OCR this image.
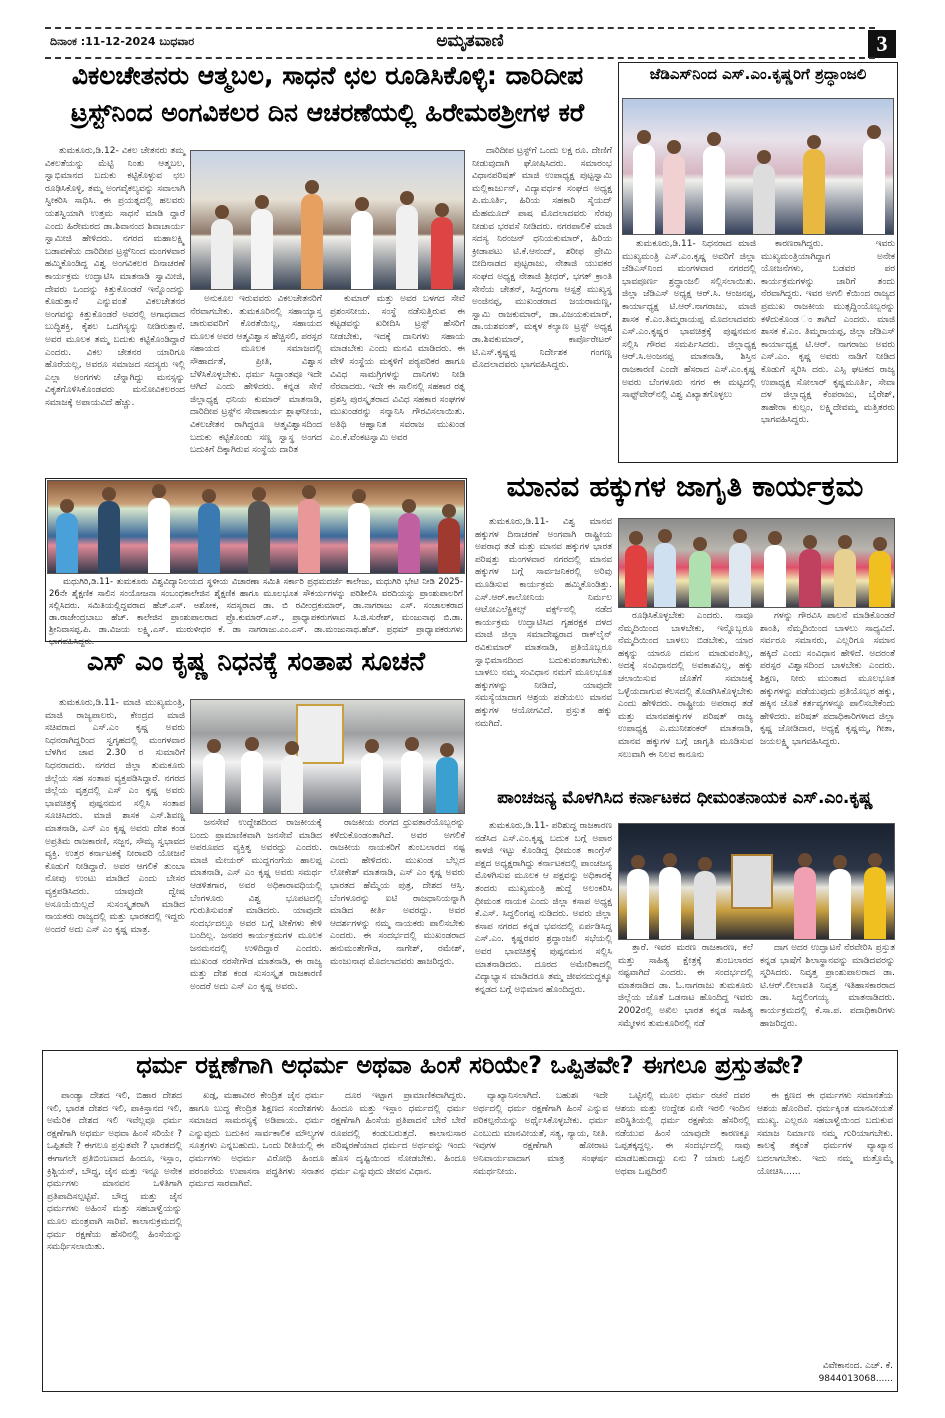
ದಿನಾಂಕ :11-12-2024 ಬುಧವಾರ	ಅಮೃತವಾಣಿ	3
ವಿಕಲಚೇತನರು ಆತ್ಮಬಲ, ಸಾಧನೆ ಛಲ ರೂಡಿಸಿಕೊಳ್ಳಿ: ದಾರಿದೀಪ
ಟ್ರಸ್ಟ್‌ನಿಂದ ಅಂಗವಿಕಲರ ದಿನ ಆಚರಣೆಯಲ್ಲಿ ಹಿರೇಮಠಶ್ರೀಗಳ ಕರೆ
ತುಮಕೂರು,ಡಿ.12- ವಿಕಲ ಚೇತನರು ತಮ್ಮ ವಿಕಲತೆಯನ್ನು ಮೆಟ್ಟಿ ನಿಂತು ಆತ್ಮಬಲ, ಸ್ವಾಭಿಮಾನದ ಬದುಕು ಕಟ್ಟಿಕೊಳ್ಳುವ ಛಲ ರೂಢಿಸಿಕೊಳ್ಳಿ, ತಮ್ಮ ಅಂಗವೈಕಲ್ಯವನ್ನು ಸವಾಲಾಗಿ ಸ್ವೀಕರಿಸಿ ಸಾಧಿಸಿ. ಈ ಪ್ರಯತ್ನದಲ್ಲಿ ಹಲವರು ಯಶಸ್ವಿಯಾಗಿ ಉತ್ತಮ ಸಾಧನೆ ಮಾಡಿ ದ್ದಾರೆ ಎಂದು ಹಿರೇಮಠದ ಡಾ.ಶಿವಾನಂದ ಶಿವಾಚಾರ್ಯ ಸ್ವಾಮೀಜಿ ಹೇಳಿದರು. ನಗರದ ಮಹಾಲಕ್ಷ್ಮಿ ಬಡಾವಣೆಯ ದಾರಿದೀಪ ಟ್ರಸ್ಟ್‌ನಿಂದ ಮಂಗಳವಾರ ಹಮ್ಮಿಕೊಂಡಿದ್ದ ವಿಶ್ವ ಅಂಗವಿಕಲರ ದಿನಾಚರಣೆ ಕಾರ್ಯಕ್ರಮ ಉದ್ಘಾಟಿಸಿ ಮಾತನಾಡಿ ಸ್ವಾಮೀಜಿ, ದೇವರು ಒಂದನ್ನು ಕಿತ್ತುಕೊಂಡರೆ ಇನ್ನೊಂದನ್ನು ಕೊಡುತ್ತಾನೆ ಎನ್ನುವಂತೆ ವಿಕಲಚೇತನರ ಅಂಗವನ್ನು ಕಿತ್ತುಕೊಂಡರೆ ಅವರಲ್ಲಿ ಅಗಾಧವಾದ ಬುದ್ಧಿಶಕ್ತಿ, ಕೈಶಲ ಒದಗಿಸ್ಯನ್ನು ನೀಡಿರುತ್ತಾನೆ. ಅವರ ಮೂಲಕ ತಮ್ಮ ಬದುಕು ಕಟ್ಟಿಕೊಂಡಿದ್ದಾರೆ ಎಂದರು. ವಿಕಲ ಚೇತನರ ಯಾರಿಗೂ ಹೊರೆಯಲ್ಲ, ಅವರೂ ಸಮಾಜದ ಸದಸ್ಯರು ಇಲ್ಲಿ ಎಲ್ಲಾ ಅಂಗಗಳು ಚೆನ್ನಾಗಿದ್ದು ಮನಸ್ಸನ್ನು ವಿಕೃತಗೊಳಿಸಿಕೊಂಡವರು ಮನೋವಿಕಲರಂದ ಸಮಾಜಕ್ಕೆ ಅಪಾಯವಿದೆ ಹೆಚ್ಚು.
ಅನುಕೂಲ ಇರುವವರು ವಿಕಲಚೇತನರಿಗೆ ನೆರವಾಗಬೇಕು. ತುಮಕೂರಿನಲ್ಲಿ ಸಹಾಯ್ಯಾಸ್ತ ಚಾರುವವರಿಗೆ ಕೊರತೆಯಿಲ್ಲ, ಸಹಾಯದ ಮೂಲಕ ಅವರ ಆತ್ಮವಿಶ್ವಾಸ ಹೆಚ್ಚಿಸಲಿ, ಪರಸ್ಪರ ಸಹಾಯದ ಮೂಲಕ ಸಮಾಜದಲ್ಲಿ ಸೌಹಾರ್ದತೆ, ಪ್ರೀತಿ, ವಿಶ್ವಾಸ ಬೆಳೆಸಿಕೊಳ್ಳಬೇಕು. ಧರ್ಮ ಸಿದ್ಧಾಂತವೂ ಇದೇ ಆಗಿದೆ ಎಂದು ಹೇಳಿದರು. ಕನ್ನಡ ಸೇನೆ ಜಿಲ್ಲಾಧ್ಯಕ್ಷ ಧನಿಯ ಕುಮಾರ್ ಮಾತನಾಡಿ, ದಾರಿದೀಪ ಟ್ರಸ್ಟ್‌ನ ಸೇವಾಕಾರ್ಯ ಶ್ಲಾಘನೀಯ, ವಿಕಲಚೇತನ ರಾಗಿದ್ದರೂ ಆತ್ಮವಿಶ್ವಾಸದಿಂದ ಬದುಕು ಕಟ್ಟಿಕೊಂಡು ಸಣ್ಣ ಸ್ವಾಸ್ಥ ಅಂಗದ ಬದುಕಿಗೆ ದಿಕ್ಕಾಗಿರುವ ಸಂಸ್ಥೆಯ ದಾರಿತ
ಕುಮಾರ್ ಮತ್ತು ಅವರ ಬಳಗದ ಸೇವೆ ಪ್ರಶಂಸನೀಯ. ಸಂಸ್ಥೆ ನಡೆಸುತ್ತಿರುವ ಈ ಕಟ್ಟಡವನ್ನು ಖರೀದಿಸಿ ಟ್ರಸ್ಟ್ ಹೆಸರಿಗೆ ನೀಡಬೇಕು, ಇದಕ್ಕೆ ದಾನಿಗಳು ಸಹಾಯ ಮಾಡಬೇಕು ಎಂದು ಮನವಿ ಮಾಡಿದರು. ಈ ವೇಳೆ ಸಂಸ್ಥೆಯ ಮಕ್ಕಳಿಗೆ ಪಠ್ಯಪರಿಕರ ಹಾಗೂ ವಿವಿಧ ಸಾಮಗ್ರಿಗಳನ್ನು ದಾನಿಗಳು ನೀಡಿ ನೆರವಾದರು. ಇದೇ ಈ ಸಾಲಿನಲ್ಲಿ ಸಹಕಾರ ರತ್ನ ಪ್ರಶಸ್ತಿ ಪುರಸ್ಕೃತರಾದ ವಿವಿಧ ಸಹಕಾರ ಸಂಘಗಳ ಮುಖಂಡರನ್ನು ಸನ್ಮಾನಿಸಿ ಗೌರವಿಸಲಾಯಿತು. ಅತಿಥಿ ಆಹ್ವಾನಿತ ಸವರಾಜ ಮುಖಂಡ ಎಂ.ಕೆ.ವೆಂಕಟಸ್ವಾಮಿ ಅವರ
ದಾರಿದೀಪ ಟ್ರಸ್ಟ್‌ಗೆ ಒಂದು ಲಕ್ಷ ರೂ. ದೇಣಿಗೆ ನೀಡುವುದಾಗಿ ಘೋಷಿಸಿದರು. ಸಮಾರಂಭ ವಿಧಾನಪರಿಷತ್ ಮಾಜಿ ಉಪಾಧ್ಯಕ್ಷ ಪುಟ್ಟಸ್ವಾಮಿ ಮಲ್ಲಿಕಾರ್ಜುನ್, ವಿದ್ಯಾವರ್ಧಕ ಸಂಘದ ಅಧ್ಯಕ್ಷ ಪಿ.ಮೂರ್ತಿ, ಹಿರಿಯ ಸಹಕಾರಿ ಸೈಯದ್ ಮೆಹಮೂದ್ ಪಾಷ ಮೊದಲಾದವರು ನೆರವು ನೀಡುವ ಭರವಸೆ ನೀಡಿದರು. ನಗರಪಾಲಿಕೆ ಮಾಜಿ ಸದಸ್ಯ ನಿರಂಜನ್ ಧನಿಯಕುಮಾರ್, ಹಿರಿಯ ಕ್ರೀಡಾಪಟು ಟಿ.ಕೆ.ಆನಂದ್, ಶರೀಫ ಪ್ರೇಮಿ ಬೀದಿನಾಡದ ಪುಟ್ಟರಾಜು, ನೇತಾಜಿ ಯುವಕರ ಸಂಘದ ಅಧ್ಯಕ್ಷ ನೇತಾಜಿ ಶ್ರೀಧರ್, ಭಗತ್ ಕ್ರಾಂತಿ ಸೇನೆಯ ಚೇತನ್, ಸಿದ್ದಗಂಗಾ ಆಸ್ಪತ್ರೆ ಮುಖ್ಯಸ್ಥ ಅಂಜಿನಪ್ಪ, ಮುಖಂಡರಾದ ಜಯರಾಮಣ್ಣ, ಸ್ವಾಮಿ ರಾಜಕುಮಾರ್, ಡಾ.ವಿಜಯಕುಮಾರ್, ಡಾ.ಯಶವಂತ್, ಮಕ್ಕಳ ಕಲ್ಯಾಣ ಟ್ರಸ್ಟ್ ಅಧ್ಯಕ್ಷ ಡಾ.ಶಿವಕುಮಾರ್, ಕಾರ್ಪೊರೇಟರ್ ಟಿ.ಎಸ್.ಕೃಷ್ಣಪ್ಪ ನಿರ್ದೇಶಕ ಗಂಗಣ್ಣ ಮೊದಲಾದವರು ಭಾಗವಹಿಸಿದ್ದರು.
ಜೆಡಿಎಸ್‌ನಿಂದ ಎಸ್.ಎಂ.ಕೃಷ್ಣರಿಗೆ ಶ್ರದ್ಧಾಂಜಲಿ
ತುಮಕೂರು,ಡಿ.11- ನಿಧನರಾದ ಮಾಜಿ ಮುಖ್ಯಮಂತ್ರಿ ಎಸ್.ಎಂ.ಕೃಷ್ಣ ಅವರಿಗೆ ಜಿಲ್ಲಾ ಜೆಡಿಎಸ್‌ನಿಂದ ಮಂಗಳವಾರ ನಗರದಲ್ಲಿ ಭಾವಪೂರ್ಣ ಶ್ರದ್ಧಾಂಜಲಿ ಸಲ್ಲಿಸಲಾಯಿತು. ಜಿಲ್ಲಾ ಜೆಡಿಎಸ್ ಅಧ್ಯಕ್ಷ ಆರ್.ಸಿ. ಆಂಜನಪ್ಪ, ಕಾರ್ಯಾಧ್ಯಕ್ಷ ಟಿ.ಆರ್.ನಾಗರಾಜು, ಮಾಜಿ ಶಾಸಕ ಕೆ.ಎಂ.ತಿಮ್ಮರಾಯಪ್ಪ ಮೊದಲಾದವರು ಎಸ್.ಎಂ.ಕೃಷ್ಣರ ಭಾವಚಿತ್ರಕ್ಕೆ ಪುಷ್ಪನಮನ ಸಲ್ಲಿಸಿ ಗೌರವ ಸಮರ್ಪಿಸಿದರು. ಜಿಲ್ಲಾಧ್ಯಕ್ಷ ಆರ್.ಸಿ.ಅಂಜನಪ್ಪ ಮಾತನಾಡಿ, ಶಿಸ್ತಿನ ರಾಜಕಾರಣಿ ಎಂದೇ ಹೆಸರಾದ ಎಸ್.ಎಂ.ಕೃಷ್ಣ ಅವರು ಬೆಂಗಳೂರು ನಗರ ಈ ಮಟ್ಟದಲ್ಲಿ ಸಾಫ್ಟ್‌ವೇರ್‌ನಲ್ಲಿ ವಿಶ್ವ ವಿಖ್ಯಾತಗೊಳ್ಳಲು
ಕಾರಣರಾಗಿದ್ದರು. ಇವರು ಮುಖ್ಯಮಂತ್ರಿಯಾಗಿದ್ದಾಗ ಅನೇಕ ಯೋಜನೆಗಳು, ಬಡವರ ಪರ ಕಾರ್ಯಕ್ರಮಗಳನ್ನು ಜಾರಿಗೆ ತಂದು ನೆರವಾಗಿದ್ದರು. ಇವರ ಅಗಲಿ ಕೆಯಿಂದ ರಾಜ್ಯದ ಪ್ರಮುಖ ರಾಜಕೀಯ ಮುತ್ಸದ್ದಿಂಯೊಬ್ಬರನ್ನು ಕಳೆದುಕೊಂಡ ಂತಾಗಿದೆ ಎಂದರು. ಮಾಜಿ ಶಾಸಕ ಕೆ.ಎಂ. ತಿಮ್ಮರಾಯಪ್ಪ, ಜಿಲ್ಲಾ ಜೆಡಿಎಸ್ ಕಾರ್ಯಾಧ್ಯಕ್ಷ ಟಿ.ಆರ್. ನಾಗರಾಜು ಅವರು ಎಸ್.ಎಂ. ಕೃಷ್ಣ ಅವರು ನಾಡಿಗೆ ನೀಡಿದ ಕೊಡುಗೆ ಸ್ಮರಿಸಿ ದರು. ಎಸ್ಸಿ ಘಟಕದ ರಾಜ್ಯ ಉಪಾಧ್ಯಕ್ಷ ಸೋಲಾರ್ ಕೃಷ್ಣಮೂರ್ತಿ, ಸೇವಾ ದಳ ಜಿಲ್ಲಾಧ್ಯಕ್ಷ ಕೆಂಪರಾಜು, ಬೈರೇಶ್, ತಾಹೇರಾ ಕುಲ್ಸಂ, ಲಕ್ಷ್ಮಿದೇವಮ್ಮ ಮತ್ತಿತರರು ಭಾಗವಹಿಸಿದ್ದರು.
ಮಧುಗಿರಿ,ಡಿ.11- ತುಮಕೂರು ವಿಶ್ವವಿದ್ಯಾನಿಲಯದ ಸ್ಥಳೀಯ ವಿಚಾರಣಾ ಸಮಿತಿ ಸರ್ಕಾರಿ ಪ್ರಥಮದರ್ಜೆ ಕಾಲೇಜು, ಮಧುಗಿರಿ ಭೇಟಿ ನೀಡಿ 2025-26ನೇ ಶೈಕ್ಷಣಿಕ ಸಾಲಿನ ಸಂಯೋಜನಾ ಸಂಬಂಧಕಾಲೇಜಿನ ಶೈಕ್ಷಣಿಕ ಹಾಗೂ ಮೂಲಭೂತ ಸೌಕರ್ಯಗಳನ್ನು ಪರಿಶೀಲಿಸಿ ವರದಿಯನ್ನು ಪ್ರಾಂಶುಪಾಲರಿಗೆ ಸಲ್ಲಿಸಿದರು. ಸಮಿತಿಯಲ್ಲಿದ್ದವರಾದ ಹೆಚ್.ಎಸ್. ಅಶೋಕ, ಸದಸ್ಯರಾದ ಡಾ. ಬಿ ರವೀಂದ್ರಕುಮಾರ್, ಡಾ.ನಾಗರಾಜು ಎಸ್. ಸಂಚಾಲಕರಾದ ಡಾ.ರಾಜೇಂದ್ರಬಾಬು ಹೆಚ್. ಕಾಲೇಜಿನ ಪ್ರಾಂಶುಪಾಲರಾದ ಪ್ರೊ.ಕುಮಾರ್.ಎಸ್., ಪ್ರಾಧ್ಯಾಪಕರುಗಳಾದ ಸಿ.ಜಿ.ಸುರೇಶ್, ಮಂಜುನಾಥ ಬಿ.ಡಾ. ಶ್ರೀನಿವಾಸಪ್ಪ.ಪಿ. ಡಾ.ವಿಜಯ ಲಕ್ಷ್ಮಿ.ಎಸ್. ಮುರುಳೀಧರ ಕೆ. ಡಾ ನಾಗರಾಜು.ಎಂ.ಎಸ್. ಡಾ.ಮಂಜುನಾಥ.ಹೆಚ್. ಪ್ರಥಮ್ ಪ್ರಾಧ್ಯಾಪಕರುಗಳು ಭಾಗವಹಿಸಿದ್ದರು.
ಎಸ್ ಎಂ ಕೃಷ್ಣ ನಿಧನಕ್ಕೆ ಸಂತಾಪ ಸೂಚನೆ
ತುಮಕೂರು,ಡಿ.11- ಮಾಜಿ ಮುಖ್ಯಮಂತ್ರಿ, ಮಾಜಿ ರಾಜ್ಯಪಾಲರು, ಕೇಂದ್ರದ ಮಾಜಿ ಸಚಿವರಾದ ಎಸ್.ಎಂ ಕೃಷ್ಣ ಅವರು ನಿಧನರಾಗಿದ್ದರಿಂದ ಸ್ವಗೃಹದಲ್ಲಿ ಮಂಗಳವಾರ ಬೆಳಗಿನ ಜಾವ 2.30 ರ ಸುಮಾರಿಗೆ ನಿಧನರಾದರು. ನಗರದ ಜಿಲ್ಲಾ ತುಮಕೂರು ಜಿಲ್ಲೆಯ ಸಹ ಸಂತಾಪ ವ್ಯಕ್ತಪಡಿಸಿದ್ದಾರೆ. ನಗರದ ಜಿಲ್ಲೆಯ ವೃತ್ತದಲ್ಲಿ ಎಸ್ ಎಂ ಕೃಷ್ಣ ಅವರು ಭಾವಚಿತ್ರಕ್ಕೆ ಪುಷ್ಪನಮನ ಸಲ್ಲಿಸಿ ಸಂತಾಪ ಸೂಚಿಸಿದರು. ಮಾಜಿ ಶಾಸಕ ಎಸ್.ಶಿವಣ್ಣ ಮಾತನಾಡಿ, ಎಸ್ ಎಂ ಕೃಷ್ಣ ಅವರು ದೇಶ ಕಂಡ ಅಪ್ರತಿಮ ರಾಜಕಾರಣಿ, ಸಜ್ಜನ, ಸೌಮ್ಯ ಸ್ವಭಾವದ ವ್ಯಕ್ತಿ. ಉತ್ತರ ಕರ್ನಾಟಕಕ್ಕೆ ನೀರಾವರಿ ಯೋಜನೆ ಕೊಡುಗೆ ನೀಡಿದ್ದಾರೆ. ಅವರ ಆಗಲಿಕೆ ತುಂಬಾ ನೋವು ಉಂಟು ಮಾಡಿದೆ ಎಂದು ಬೇಸರ ವ್ಯಕ್ತಪಡಿಸಿದರು. ಯಾವುದೇ ದ್ವೇಷ ಅಸೂಯೆಯಿಲ್ಲದೆ ಸುಸಂಸ್ಕೃತರಾಗಿ ಮಾಡಿದ ನಾಯಕರು ರಾಜ್ಯದಲ್ಲಿ ಮತ್ತು ಭಾರತದಲ್ಲಿ ಇದ್ದರು ಅಂದರೆ ಅದು ಎಸ್ ಎಂ ಕೃಷ್ಣ ಮಾತ್ರ.
ಜನಸೇವೆ ಉದ್ದೇಶದಿಂದ ರಾಜಕೀಯಕ್ಕೆ ಬಂದು ಪ್ರಾಮಾಣಿಕವಾಗಿ ಜನಸೇವೆ ಮಾಡಿದ ಅಪರೂಪದ ವ್ಯಕ್ತಿತ್ವ ಅವರದ್ದು ಎಂದರು. ಮಾಜಿ ಮೇಯರ್ ಮುದ್ದಗಂಗೆಯ ಹಾಲಪ್ಪ ಮಾತನಾಡಿ, ಎಸ್ ಎಂ ಕೃಷ್ಣ ಅವರು ಸಮರ್ಥ ಆಡಳಿತಗಾರ, ಅವರ ಅಧಿಕಾರಾವಧಿಯಲ್ಲಿ ಬೆಂಗಳೂರು ವಿಶ್ವ ಭೂಪಟದಲ್ಲಿ ಗುರುತಿಸುವಂತೆ ಮಾಡಿದರು. ಯಾವುದೇ ಸಂದರ್ಭದಲ್ಲೂ ಅವರ ಬಗ್ಗೆ ಟೀಕೆಗಳು ಕೇಳಿ ಬಂದಿಲ್ಲ. ಜನಪರ ಕಾರ್ಯಕ್ರಮಗಳ ಮೂಲಕ ಜನಮನದಲ್ಲಿ ಉಳಿದಿದ್ದಾರೆ ಎಂದರು. ಮುಖಂಡ ನರಸೇಗೌಡ ಮಾತನಾಡಿ, ಈ ರಾಜ್ಯ ಮತ್ತು ದೇಶ ಕಂಡ ಸುಸಂಸ್ಕೃತ ರಾಜಕಾರಣಿ ಅಂದರೆ ಅದು ಎಸ್ ಎಂ ಕೃಷ್ಣ ಅವರು.
ರಾಜಕೀಯ ರಂಗದ ಧ್ರುವತಾರೆಯೊಬ್ಬರನ್ನು ಕಳೆದುಕೊಂಡಂತಾಗಿದೆ. ಅವರ ಅಗಲಿಕೆ ರಾಜಕೀಯ ನಾಯಕರಿಗೆ ತುಂಬಲಾರದ ನಷ್ಟ ಎಂದು ಹೇಳಿದರು. ಮುಖಂಡ ಬೆಲ್ಲದ ಲೋಕೇಶ್ ಮಾತನಾಡಿ, ಎಸ್ ಎಂ ಕೃಷ್ಣ ಅವರು ಭಾರತದ ಹೆಮ್ಮೆಯ ಪುತ್ರ, ದೇಶದ ಆಸ್ತಿ. ಬೆಂಗಳೂರನ್ನು ಐಟಿ ರಾಜಧಾನಿಯನ್ನಾಗಿ ಮಾಡಿದ ಕೀರ್ತಿ ಅವರದ್ದು. ಅವರ ಆದರ್ಶಗಳನ್ನು ನಮ್ಮ ನಾಯಕರು ಪಾಲಿಸಬೇಕು ಎಂದರು. ಈ ಸಂದರ್ಭದಲ್ಲಿ ಮುಖಂಡರಾದ ಹನುಮಂತೇಗೌಡ, ನಾಗೇಶ್, ರಮೇಶ್, ಮಂಜುನಾಥ ಮೊದಲಾದವರು ಹಾಜರಿದ್ದರು.
ಮಾನವ ಹಕ್ಕುಗಳ ಜಾಗೃತಿ ಕಾರ್ಯಕ್ರಮ
ತುಮಕೂರು,ಡಿ.11- ವಿಶ್ವ ಮಾನವ ಹಕ್ಕುಗಳ ದಿನಾಚರಣೆ ಅಂಗವಾಗಿ ರಾಷ್ಟ್ರೀಯ ಅಪರಾಧ ತಡೆ ಮತ್ತು ಮಾನವ ಹಕ್ಕುಗಳ ಭಾರತ ಪರಿಷತ್ತು ಮಂಗಳವಾರ ನಗರದಲ್ಲಿ ಮಾನವ ಹಕ್ಕುಗಳ ಬಗ್ಗೆ ಸಾರ್ವಜನಿಕರಲ್ಲಿ ಅರಿವು ಮೂಡಿಸುವ ಕಾರ್ಯಕ್ರಮ ಹಮ್ಮಿಕೊಂಡಿತ್ತು. ಎಸ್.ಆರ್.ಕಾಲೋನಿಯ ನಿರ್ಮಲ ಆಟೋಎಲೆಕ್ಟ್ರಿಕಲ್ಸ್ ವರ್ಕ್ಸ್‌ನಲ್ಲಿ ನಡೆದ ಕಾರ್ಯಕ್ರಮ ಉದ್ಘಾಟಿಸಿದ ಗೃಹರಕ್ಷಕ ದಳದ ಮಾಜಿ ಜಿಲ್ಲಾ ಸಮಾದೇಷ್ಟರಾದ ರಾಕ್‌ಲೈನ್ ರವಿಕುಮಾರ್ ಮಾತನಾಡಿ, ಪ್ರತಿಯೊಬ್ಬರೂ ಸ್ವಾಭಿಮಾನದಿಂದ ಬದುಕುವಂತಾಗಬೇಕು. ಬಾಳಲು ನಮ್ಮ ಸಂವಿಧಾನ ನಮಗೆ ಮೂಲಭೂತ ಹಕ್ಕುಗಳನ್ನು ನೀಡಿದೆ, ಯಾವುದೇ ಸಮಸ್ಯೆಯಾದಾಗ ಆಶ್ರಯ ಪಡೆಯಲು ಮಾನವ ಹಕ್ಕುಗಳ ಆಯೋಗವಿದೆ. ಪ್ರಸ್ತುತ ಹಕ್ಕು ನಮಗಿದೆ.
ರೂಢಿಸಿಕೊಳ್ಳಬೇಕು ಎಂದರು. ನಾವೂ ನೆಮ್ಮದಿಯಿಂದ ಬಾಳಬೇಕು, ಇನ್ನೊಬ್ಬರೂ ನೆಮ್ಮದಿಯಿಂದ ಬಾಳಲು ಬಿಡಬೇಕು, ಯಾರ ಹಕ್ಕನ್ನು ಯಾರೂ ದಮನ ಮಾಡುವಂತಿಲ್ಲ, ಅದಕ್ಕೆ ಸಂವಿಧಾನದಲ್ಲಿ ಅವಕಾಶವಿಲ್ಲ, ಹಕ್ಕು ಚಲಾಯಿಸುವ ಜೊತೆಗೆ ಸಮಾಜಕ್ಕೆ ಒಳ್ಳೆಯದಾಗುವ ಕೆಲಸದಲ್ಲಿ ತೊಡಗಿಸಿಕೊಳ್ಳಬೇಕು ಎಂದು ಹೇಳಿದರು. ರಾಷ್ಟ್ರೀಯ ಅಪರಾಧ ತಡೆ ಮತ್ತು ಮಾನವಹಕ್ಕುಗಳ ಪರಿಷತ್ ರಾಜ್ಯ ಉಪಾಧ್ಯಕ್ಷ ಎ.ಮುನೀಶಂಕರ್ ಮಾತನಾಡಿ, ಮಾನವ ಹಕ್ಕುಗಳ ಬಗ್ಗೆ ಜಾಗೃತಿ ಮೂಡಿಸುವ ಸಲುವಾಗಿ ಈ ನಿಲವ ಕಾನೂನು
ಗಳನ್ನು ಗೌರವಿಸಿ ಪಾಲನೆ ಮಾಡಿಕೊಂಡರೆ ಶಾಂತಿ, ನೆಮ್ಮದಿಯಿಂದ ಬಾಳಲು ಸಾಧ್ಯವಿದೆ. ಸರ್ವರೂ ಸಮಾನರು, ಎಲ್ಲರಿಗೂ ಸಮಾನ ಹಕ್ಕಿದೆ ಎಂದು ಸಂವಿಧಾನ ಹೇಳಿದೆ. ಅದರಂತೆ ಪರಸ್ಪರ ವಿಶ್ವಾಸದಿಂದ ಬಾಳಬೇಕು ಎಂದರು. ಶಿಕ್ಷಣ, ನೀರು ಮುಂತಾದ ಮೂಲಭೂತ ಹಕ್ಕುಗಳನ್ನು ಪಡೆಯುವುದು ಪ್ರತಿಯೊಬ್ಬರ ಹಕ್ಕು, ಹಕ್ಕಿನ ಜೊತೆ ಕರ್ತವ್ಯಗಳನ್ನೂ ಪಾಲಿಸಬೇಕೆಂದು ಹೇಳಿದರು. ಪರಿಷತ್ ಪದಾಧಿಕಾರಿಗಳಾದ ಜಿಲ್ಲಾ ಕೃಷ್ಣ ಜೋಡಿದಾರ, ಅಧ್ಯಕ್ಷೆ ಕೃಷ್ಣಮ್ಮ, ಗೀತಾ, ಜಯಲಕ್ಷ್ಮಿ ಭಾಗವಹಿಸಿದ್ದರು.
ಪಾಂಚಜನ್ಯ ಮೊಳಗಿಸಿದ ಕರ್ನಾಟಕದ ಧೀಮಂತನಾಯಕ ಎಸ್.ಎಂ.ಕೃಷ್ಣ
ತುಮಕೂರು,ಡಿ.11- ಪರಿಶುದ್ಧ ರಾಜಕಾರಣ ನಡೆಸಿದ ಎಸ್.ಎಂ.ಕೃಷ್ಣ ಬದುಕ ಬಗ್ಗೆ ಅಪಾರ ಕಾಳಜಿ ಇಟ್ಟು ಕೊಂಡಿದ್ದ ಧೀಮಂತ ಕಾಂಗ್ರೆಸ್ ಪಕ್ಷದ ಅಧ್ಯಕ್ಷರಾಗಿದ್ದು ಕರ್ನಾಟಕದಲ್ಲಿ ಪಾಂಚಜನ್ಯ ಮೊಳಗಿಸುವ ಮೂಲಕ ಆ ಪಕ್ಷವನ್ನು ಅಧಿಕಾರಕ್ಕೆ ತಂದರು ಮುಖ್ಯಮಂತ್ರಿ ಹುದ್ದೆ ಅಲಂಕರಿಸಿ ಧೀಮಂತ ನಾಯಕ ಎಂದು ಜಿಲ್ಲಾ ಕಸಾಪ ಅಧ್ಯಕ್ಷ ಕೆ.ಎಸ್. ಸಿದ್ದಲಿಂಗಪ್ಪ ನುಡಿದರು. ಅವರು ಜಿಲ್ಲಾ ಕಸಾಪ ನಗರದ ಕನ್ನಡ ಭವನದಲ್ಲಿ ಏರ್ಪಡಿಸಿದ್ದ ಎಸ್.ಎಂ. ಕೃಷ್ಣರವರ ಶ್ರದ್ಧಾಂಜಲಿ ಸಭೆಯಲ್ಲಿ ಅವರ ಭಾವಚಿತ್ರಕ್ಕೆ ಪುಷ್ಪನಮನ ಸಲ್ಲಿಸಿ ಮಾತನಾಡಿದರು. ದೂರದ ಅಮೇರಿಕಾದಲ್ಲಿ ವಿದ್ಯಾಭ್ಯಾಸ ಮಾಡಿದರೂ ತಮ್ಮ ಜೀವನದುದ್ದಕ್ಕೂ ಕನ್ನಡದ ಬಗ್ಗೆ ಅಭಿಮಾನ ಹೊಂದಿದ್ದರು.
ತ್ತಾರೆ. ಇವರ ಮರಣ ರಾಜಕಾರಣ, ಕಲೆ ಮತ್ತು ಸಾಹಿತ್ಯ ಕ್ಷೇತ್ರಕ್ಕೆ ತುಂಬಲಾರದ ನಷ್ಟವಾಗಿದೆ ಎಂದರು. ಈ ಸಂದರ್ಭದಲ್ಲಿ ಮಾತನಾಡಿದ ಡಾ. ಓ.ನಾಗರಾಜು ತುಮಕೂರು ಜಿಲ್ಲೆಯ ಜೊತೆ ಒಡನಾಟ ಹೊಂದಿದ್ದ ಇವರು 2002ರಲ್ಲಿ ಅಖಿಲ ಭಾರತ ಕನ್ನಡ ಸಾಹಿತ್ಯ ಸಮ್ಮೇಳನ ತುಮಕೂರಿನಲ್ಲಿ ನಡೆ
ದಾಗ ಅದರ ಉದ್ಘಾಟನೆ ನೆರವೇರಿಸಿ ಪ್ರಸ್ತುತ ಕನ್ನಡ ಭಾಷೆಗೆ ಶಿಲಾಸ್ಥಾನವನ್ನು ಮಾಡಿದವರನ್ನು ಸ್ಮರಿಸಿದರು. ನಿವೃತ್ತ ಪ್ರಾಂಶುಪಾಲರಾದ ಡಾ. ಟಿ.ಆರ್.ಲೀಲಾವತಿ ನಿವೃತ್ತ ಇತಿಹಾಸಕಾರರಾದ ಡಾ. ಸಿದ್ದಲಿಂಗಯ್ಯ ಮಾತನಾಡಿದರು. ಕಾರ್ಯಕ್ರಮದಲ್ಲಿ ಕೆ.ಸಾ.ಪ. ಪದಾಧಿಕಾರಿಗಳು ಹಾಜರಿದ್ದರು.
ಧರ್ಮ ರಕ್ಷಣೆಗಾಗಿ ಅಧರ್ಮ ಅಥವಾ ಹಿಂಸೆ ಸರಿಯೇ? ಒಪ್ಪಿತವೇ? ಈಗಲೂ ಪ್ರಸ್ತುತವೇ?
ಪಾಂಡ್ಯಾ ದೇಶದ ಇಲಿ, ಬಿಹಾರ ದೇಶದ ಇಲಿ, ಭಾರತ ದೇಶದ ಇಲಿ, ಪಾಕಿಸ್ತಾನದ ಇಲಿ, ಅಮೆರಿಕ ದೇಶದ ಇಲಿ ಇವೆಲ್ಲವೂ ಧರ್ಮ ರಕ್ಷಣೆಗಾಗಿ ಅಧರ್ಮ ಅಥವಾ ಹಿಂಸೆ ಸರಿಯೇ ? ಒಪ್ಪಿತವೇ ? ಈಗಲೂ ಪ್ರಸ್ತುತವೇ ? ಭಾರತದಲ್ಲಿ ಈಗಾಗಲೇ ಪ್ರತಿಬಿಂಬವಾದ ಹಿಂದೂ, ಇಸ್ಲಾಂ, ಕ್ರಿಶ್ಚಿಯನ್, ಬೌದ್ಧ, ಜೈನ ಮತ್ತು ಇನ್ನೂ ಅನೇಕ ಧರ್ಮಗಳು ಮಾನವನ ಒಳಿತಿಗಾಗಿ ಪ್ರತಿಪಾದಿಸಲ್ಪಟ್ಟಿವೆ. ಬೌದ್ಧ ಮತ್ತು ಜೈನ ಧರ್ಮಗಳು ಅಹಿಂಸೆ ಮತ್ತು ಸಹಬಾಳ್ವೆಯನ್ನು ಮೂಲ ಮಂತ್ರವಾಗಿ ಸಾರಿವೆ. ಕಾಲಾನುಕ್ರಮದಲ್ಲಿ ಧರ್ಮ ರಕ್ಷಣೆಯ ಹೆಸರಿನಲ್ಲಿ ಹಿಂಸೆಯನ್ನು ಸಮರ್ಥಿಸಲಾಯಿತು.
ಖಡ್ಗ, ಮಹಾವೀರ ಕೇಂದ್ರಿತ ಜೈನ ಧರ್ಮ ಹಾಗೂ ಬುದ್ಧ ಕೇಂದ್ರಿತ ಶಿಕ್ಷಣದ ಸಂದೇಶಗಳು ಸಮಾಜದ ಸಾಮರಸ್ಯಕ್ಕೆ ಅಡಿಪಾಯ. ಧರ್ಮ ಎನ್ನುವುದು ಬದುಕಿನ ಸಾರ್ವಕಾಲಿಕ ಮೌಲ್ಯಗಳ ಸೂತ್ರಗಳು ಎನ್ನಬಹುದು. ಒಂದು ರೀತಿಯಲ್ಲಿ ಈ ಧರ್ಮಗಳು ಅಧರ್ಮ ವಿರೋಧಿ ಹಿಂದೂ ಪರಂಪರೆಯ ಉಪಾಸನಾ ಪದ್ಧತಿಗಳು ಸನಾತನ ಧರ್ಮದ ಸಾರವಾಗಿವೆ.
ದೂರ ಇಟ್ಟಾಗ ಪ್ರಾಮಾಣಿಕವಾಗಿದ್ದರು. ಹಿಂದೂ ಮತ್ತು ಇಸ್ಲಾಂ ಧರ್ಮದಲ್ಲಿ ಧರ್ಮ ರಕ್ಷಣೆಗಾಗಿ ಹಿಂಸೆಯ ಪ್ರತಿಪಾದನೆ ಬೇರೆ ಬೇರೆ ರೂಪದಲ್ಲಿ ಕಂಡುಬರುತ್ತದೆ. ಕಾಲಾನುಸಾರ ಪರಿಷ್ಕರಣೆಯಾದ ಧರ್ಮದ ಅರ್ಥವನ್ನು ಇಂದು ಹೊಸ ದೃಷ್ಟಿಯಿಂದ ನೋಡಬೇಕು. ಹಿಂದೂ ಧರ್ಮ ಎನ್ನುವುದು ಜೀವನ ವಿಧಾನ.
ವ್ಯಾಖ್ಯಾನಿಸಲಾಗಿದೆ. ಬಹುಶಃ ಇದೇ ಅರ್ಥದಲ್ಲಿ ಧರ್ಮ ರಕ್ಷಣೆಗಾಗಿ ಹಿಂಸೆ ಎನ್ನುವ ಪರಿಕಲ್ಪನೆಯನ್ನು ಅರ್ಥೈಸಿಕೊಳ್ಳಬೇಕು. ಧರ್ಮ ಎಂಬುದು ಮಾನವೀಯತೆ, ಸತ್ಯ, ನ್ಯಾಯ, ನೀತಿ. ಇವುಗಳ ರಕ್ಷಣೆಗಾಗಿ ಹೋರಾಟ ಅನಿವಾರ್ಯವಾದಾಗ ಮಾತ್ರ ಸಂಘರ್ಷ ಸಮರ್ಥನೀಯ.
ಒಟ್ಟಿನಲ್ಲಿ ಮೂಲ ಧರ್ಮ ರಚನೆ ದವರ ಆಶಯ ಮತ್ತು ಉದ್ದೇಶ ಏನೇ ಇರಲಿ ಇಂದಿನ ಪರಿಸ್ಥಿತಿಯಲ್ಲಿ ಧರ್ಮ ರಕ್ಷಣೆಯ ಹೆಸರಿನಲ್ಲಿ ನಡೆಯುವ ಹಿಂಸೆ ಯಾವುದೇ ಕಾರಣಕ್ಕೂ ಒಪ್ಪತಕ್ಕದ್ದಲ್ಲ. ಈ ಸಂದರ್ಭದಲ್ಲಿ ನಾವು ಮಾಡಬಹುದಾದ್ದು ಏನು ? ಯಾರು ಒಪ್ಪಲಿ ಅಥವಾ ಒಪ್ಪದಿರಲಿ
ಈ ಕ್ಷಣದ ಈ ಧರ್ಮಗಳು ಸಮಾನತೆಯ ಆಶಯ ಹೊಂದಿವೆ. ಧರ್ಮಕ್ಕಿಂತ ಮಾನವೀಯತೆ ಮುಖ್ಯ. ಎಲ್ಲರೂ ಸಹಬಾಳ್ವೆಯಿಂದ ಬದುಕುವ ಸಮಾಜ ನಿರ್ಮಾಣ ನಮ್ಮ ಗುರಿಯಾಗಬೇಕು. ಕಾಲಕ್ಕೆ ತಕ್ಕಂತೆ ಧರ್ಮಗಳ ವ್ಯಾಖ್ಯಾನ ಬದಲಾಗಬೇಕು. ಇದು ನಮ್ಮ ಮತ್ತೊಮ್ಮೆ ಯೋಚಿಸಿ......
ವಿವೇಕಾನಂದ. ಎಚ್. ಕೆ.
9844013068......
